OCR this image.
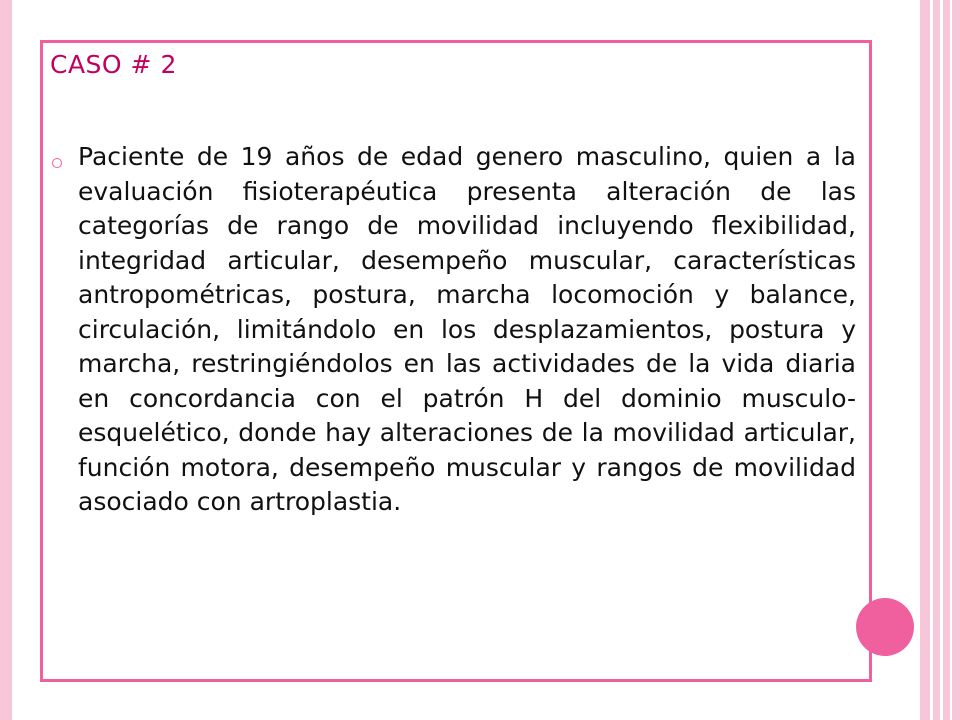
CASO # 2

Paciente de 19 años de edad genero masculino, quien a la evaluación fisioterapéutica presenta alteración de las categorías de rango de movilidad incluyendo flexibilidad, integridad articular, desempeño muscular, características antropométricas, postura, marcha locomoción y balance, circulación, limitándolo en los desplazamientos, postura y marcha, restringiéndolos en las actividades de la vida diaria en concordancia con el patrón H del dominio musculo- esquelético, donde hay alteraciones de la movilidad articular, función motora, desempeño muscular y rangos de movilidad asociado con artroplastia.
